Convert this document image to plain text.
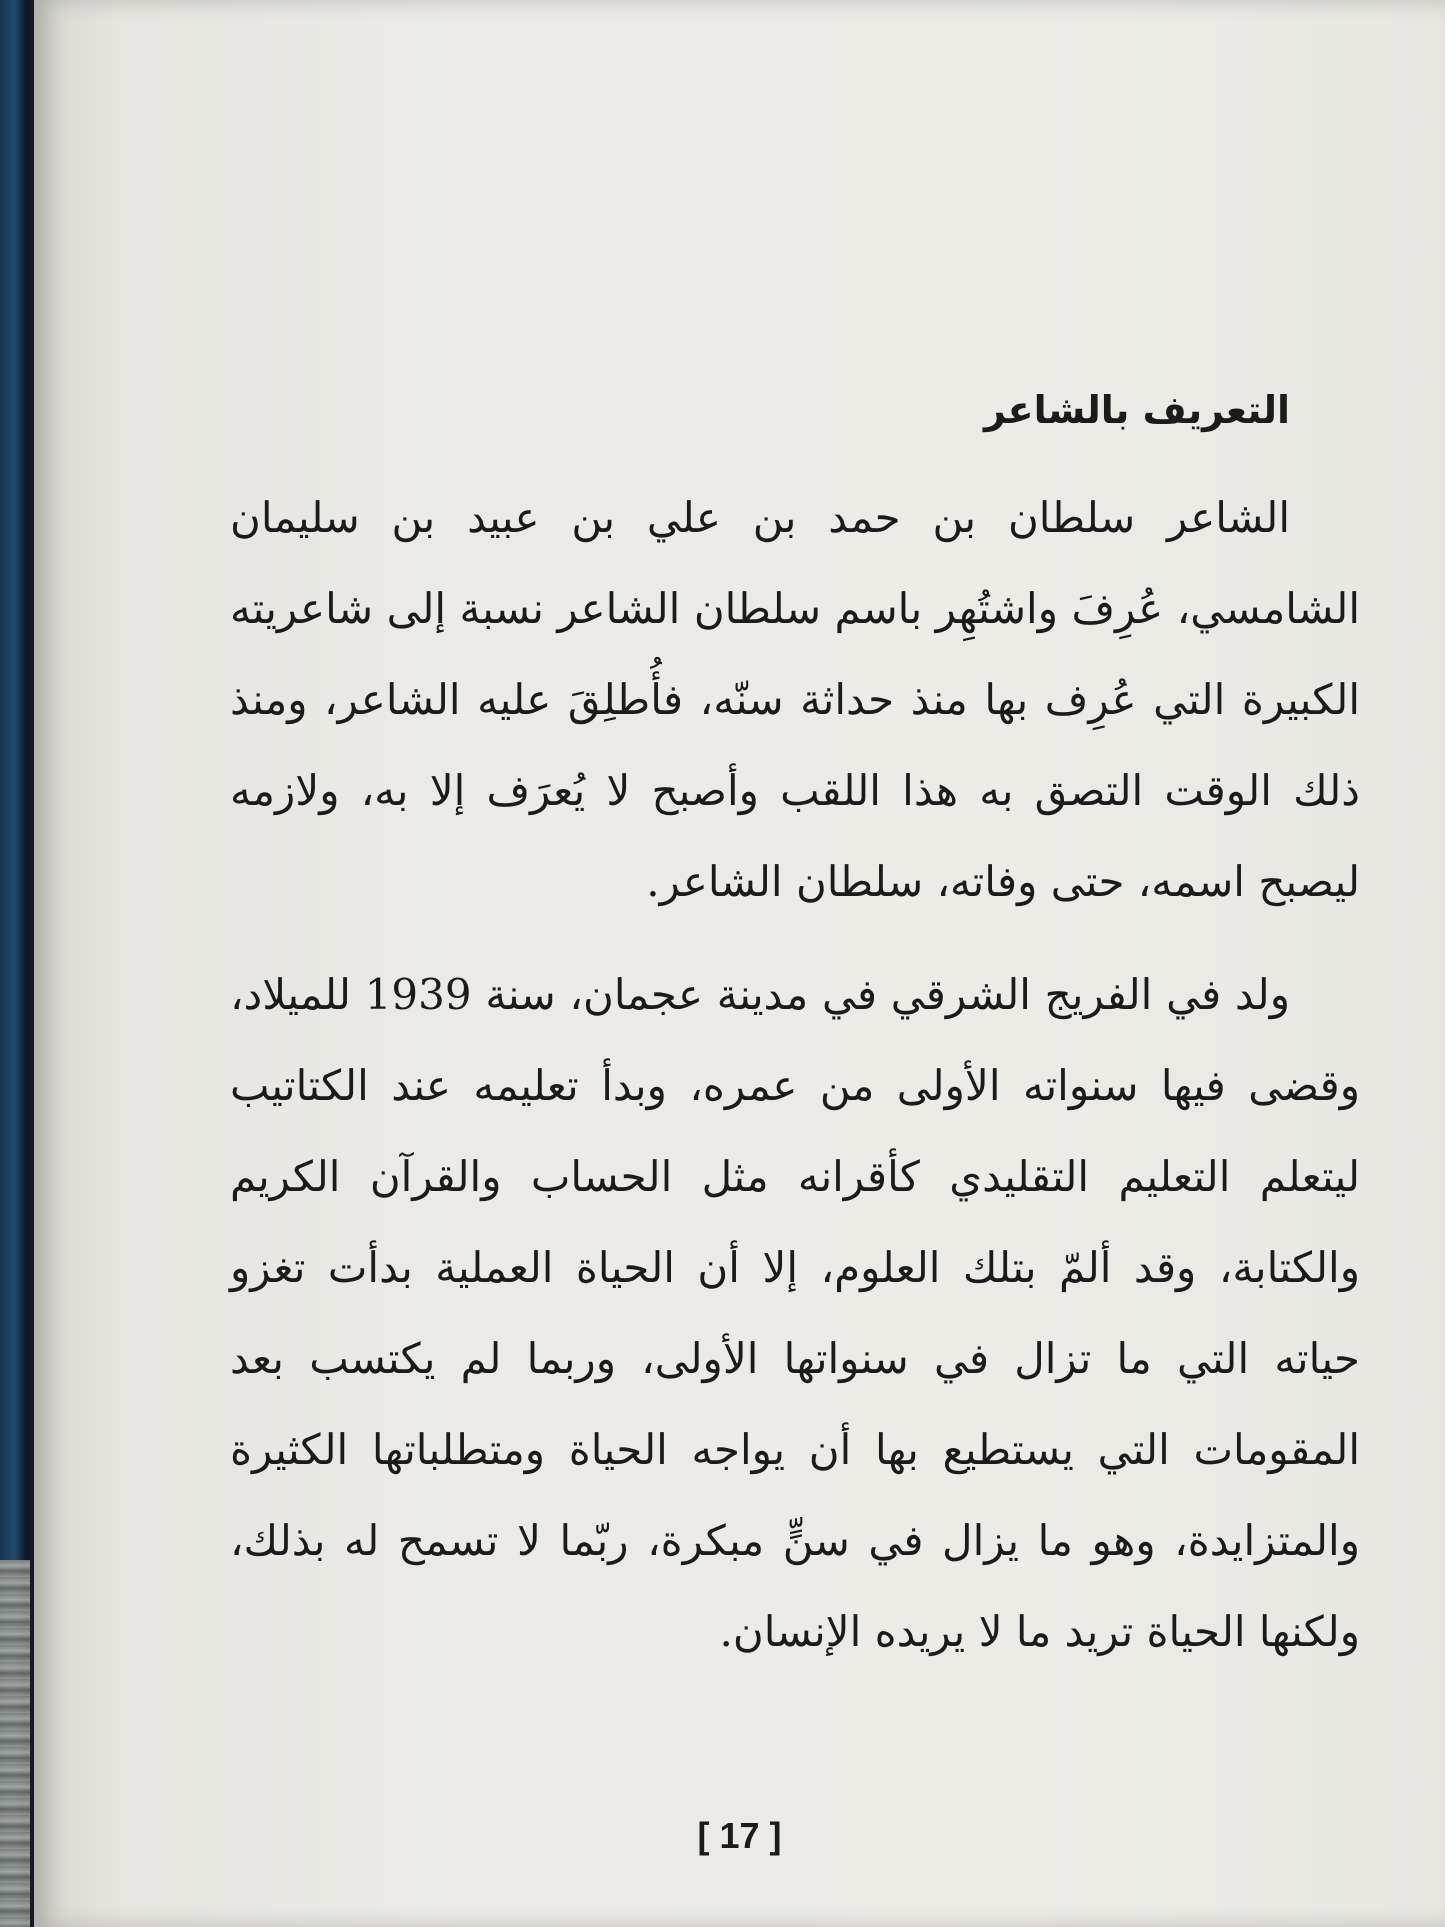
التعريف بالشاعر

الشاعر سلطان بن حمد بن علي بن عبيد بن سليمان الشامسي، عُرِفَ واشتُهِر باسم سلطان الشاعر نسبة إلى شاعريته الكبيرة التي عُرِف بها منذ حداثة سنّه، فأُطلِقَ عليه الشاعر، ومنذ ذلك الوقت التصق به هذا اللقب وأصبح لا يُعرَف إلا به، ولازمه ليصبح اسمه، حتى وفاته، سلطان الشاعر.

ولد في الفريج الشرقي في مدينة عجمان، سنة 1939 للميلاد، وقضى فيها سنواته الأولى من عمره، وبدأ تعليمه عند الكتاتيب ليتعلم التعليم التقليدي كأقرانه مثل الحساب والقرآن الكريم والكتابة، وقد ألمّ بتلك العلوم، إلا أن الحياة العملية بدأت تغزو حياته التي ما تزال في سنواتها الأولى، وربما لم يكتسب بعد المقومات التي يستطيع بها أن يواجه الحياة ومتطلباتها الكثيرة والمتزايدة، وهو ما يزال في سنٍّ مبكرة، ربّما لا تسمح له بذلك، ولكنها الحياة تريد ما لا يريده الإنسان.

[ 17 ]
